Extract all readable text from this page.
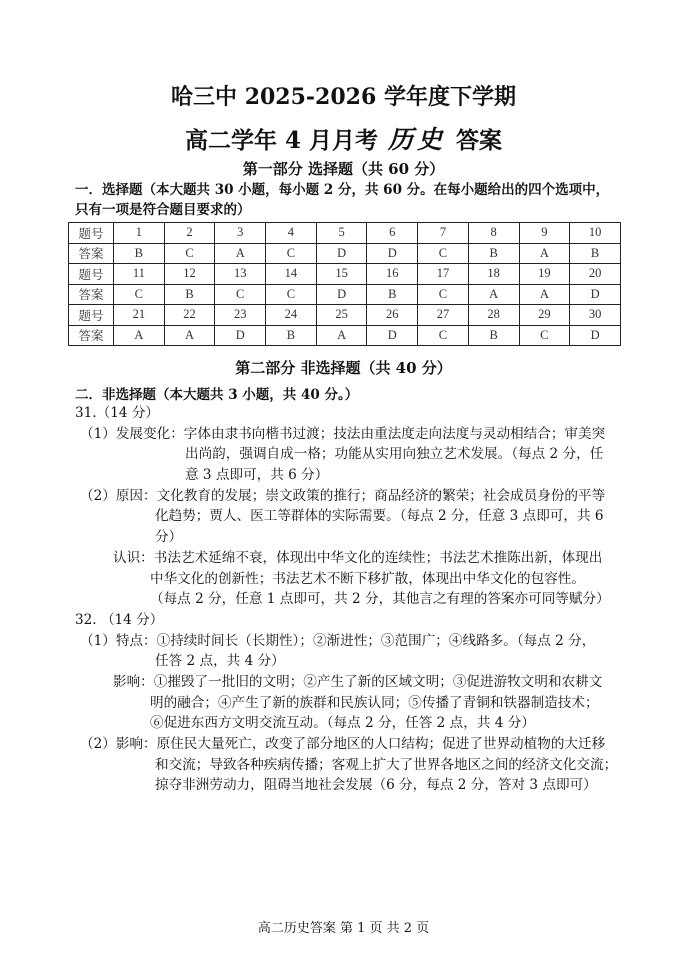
哈三中 2025-2026 学年度下学期
高二学年 4 月月考 历史 答案
第一部分 选择题（共 60 分）
一．选择题（本大题共 30 小题，每小题 2 分，共 60 分。在每小题给出的四个选项中，
只有一项是符合题目要求的）
题号	1	2	3	4	5	6	7	8	9	10
答案	B	C	A	C	D	D	C	B	A	B
题号	11	12	13	14	15	16	17	18	19	20
答案	C	B	C	C	D	B	C	A	A	D
题号	21	22	23	24	25	26	27	28	29	30
答案	A	A	D	B	A	D	C	B	C	D
第二部分 非选择题（共 40 分）
二．非选择题（本大题共 3 小题，共 40 分。）
31.（14 分）
（1）发展变化：字体由隶书向楷书过渡；技法由重法度走向法度与灵动相结合；审美突
出尚韵，强调自成一格；功能从实用向独立艺术发展。（每点 2 分，任
意 3 点即可，共 6 分）
（2）原因：文化教育的发展；崇文政策的推行；商品经济的繁荣；社会成员身份的平等
化趋势；贾人、医工等群体的实际需要。（每点 2 分，任意 3 点即可，共 6
分）
认识：书法艺术延绵不衰，体现出中华文化的连续性；书法艺术推陈出新，体现出
中华文化的创新性；书法艺术不断下移扩散，体现出中华文化的包容性。
（每点 2 分，任意 1 点即可，共 2 分，其他言之有理的答案亦可同等赋分）
32. （14 分）
（1）特点：①持续时间长（长期性）；②渐进性；③范围广；④线路多。（每点 2 分，
任答 2 点，共 4 分）
影响：①摧毁了一批旧的文明；②产生了新的区域文明；③促进游牧文明和农耕文
明的融合；④产生了新的族群和民族认同；⑤传播了青铜和铁器制造技术；
⑥促进东西方文明交流互动。（每点 2 分，任答 2 点，共 4 分）
（2）影响：原住民大量死亡，改变了部分地区的人口结构；促进了世界动植物的大迁移
和交流；导致各种疾病传播；客观上扩大了世界各地区之间的经济文化交流；
掠夺非洲劳动力，阻碍当地社会发展（6 分，每点 2 分，答对 3 点即可）
高二历史答案 第 1 页 共 2 页
